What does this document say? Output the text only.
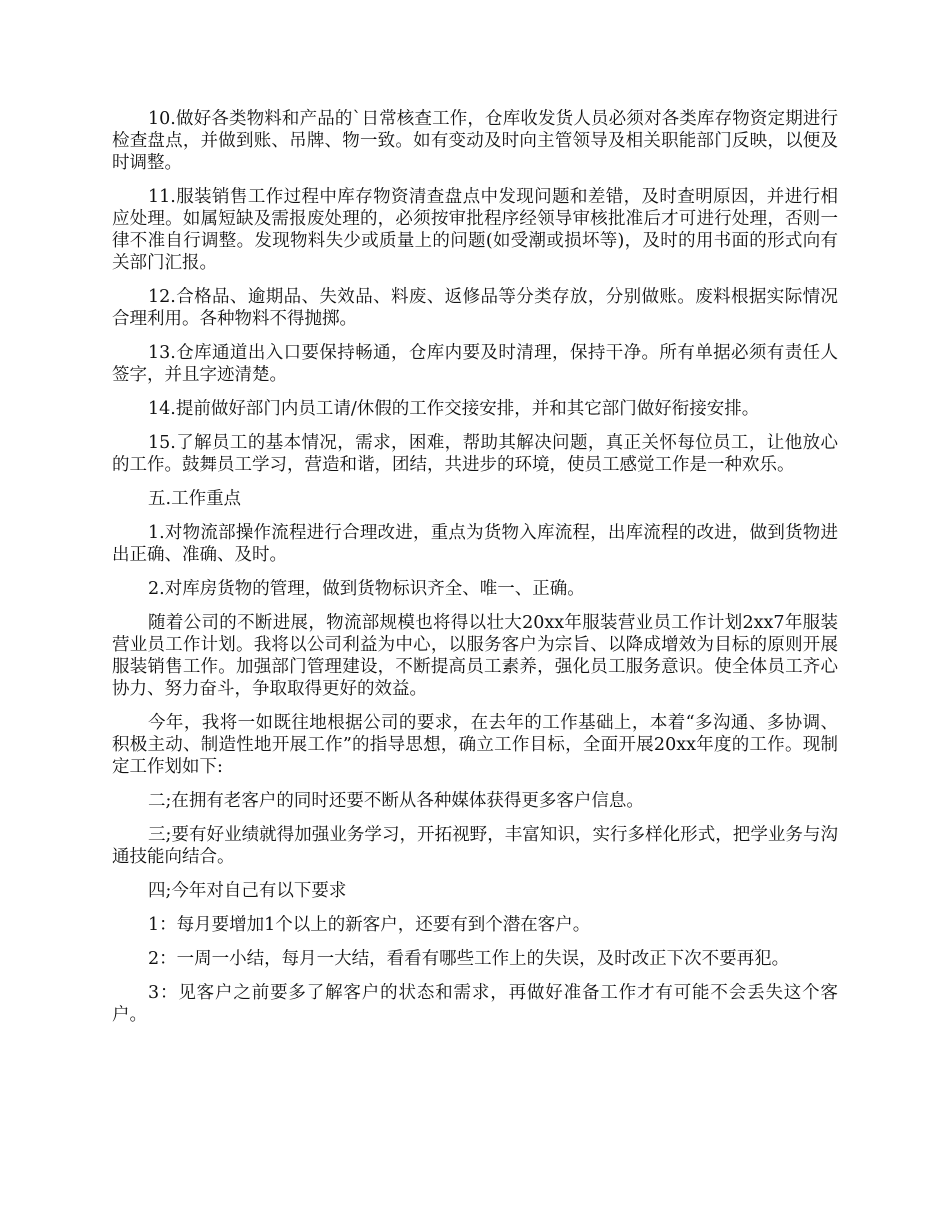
10.做好各类物料和产品的`日常核查工作，仓库收发货人员必须对各类库存物资定期进行检查盘点，并做到账、吊牌、物一致。如有变动及时向主管领导及相关职能部门反映，以便及时调整。

11.服装销售工作过程中库存物资清查盘点中发现问题和差错，及时查明原因，并进行相应处理。如属短缺及需报废处理的，必须按审批程序经领导审核批准后才可进行处理，否则一律不准自行调整。发现物料失少或质量上的问题(如受潮或损坏等)，及时的用书面的形式向有关部门汇报。

12.合格品、逾期品、失效品、料废、返修品等分类存放，分别做账。废料根据实际情况合理利用。各种物料不得抛掷。

13.仓库通道出入口要保持畅通，仓库内要及时清理，保持干净。所有单据必须有责任人签字，并且字迹清楚。

14.提前做好部门内员工请/休假的工作交接安排，并和其它部门做好衔接安排。

15.了解员工的基本情况，需求，困难，帮助其解决问题，真正关怀每位员工，让他放心的工作。鼓舞员工学习，营造和谐，团结，共进步的环境，使员工感觉工作是一种欢乐。

五.工作重点

1.对物流部操作流程进行合理改进，重点为货物入库流程，出库流程的改进，做到货物进出正确、准确、及时。

2.对库房货物的管理，做到货物标识齐全、唯一、正确。

随着公司的不断进展，物流部规模也将得以壮大20xx年服装营业员工作计划2xx7年服装营业员工作计划。我将以公司利益为中心，以服务客户为宗旨、以降成增效为目标的原则开展服装销售工作。加强部门管理建设，不断提高员工素养，强化员工服务意识。使全体员工齐心协力、努力奋斗，争取取得更好的效益。

今年，我将一如既往地根据公司的要求，在去年的工作基础上，本着“多沟通、多协调、积极主动、制造性地开展工作”的指导思想，确立工作目标，全面开展20xx年度的工作。现制定工作划如下:

二;在拥有老客户的同时还要不断从各种媒体获得更多客户信息。

三;要有好业绩就得加强业务学习，开拓视野，丰富知识，实行多样化形式，把学业务与沟通技能向结合。

四;今年对自己有以下要求

1：每月要增加1个以上的新客户，还要有到个潜在客户。

2：一周一小结，每月一大结，看看有哪些工作上的失误，及时改正下次不要再犯。

3：见客户之前要多了解客户的状态和需求，再做好准备工作才有可能不会丢失这个客户。
